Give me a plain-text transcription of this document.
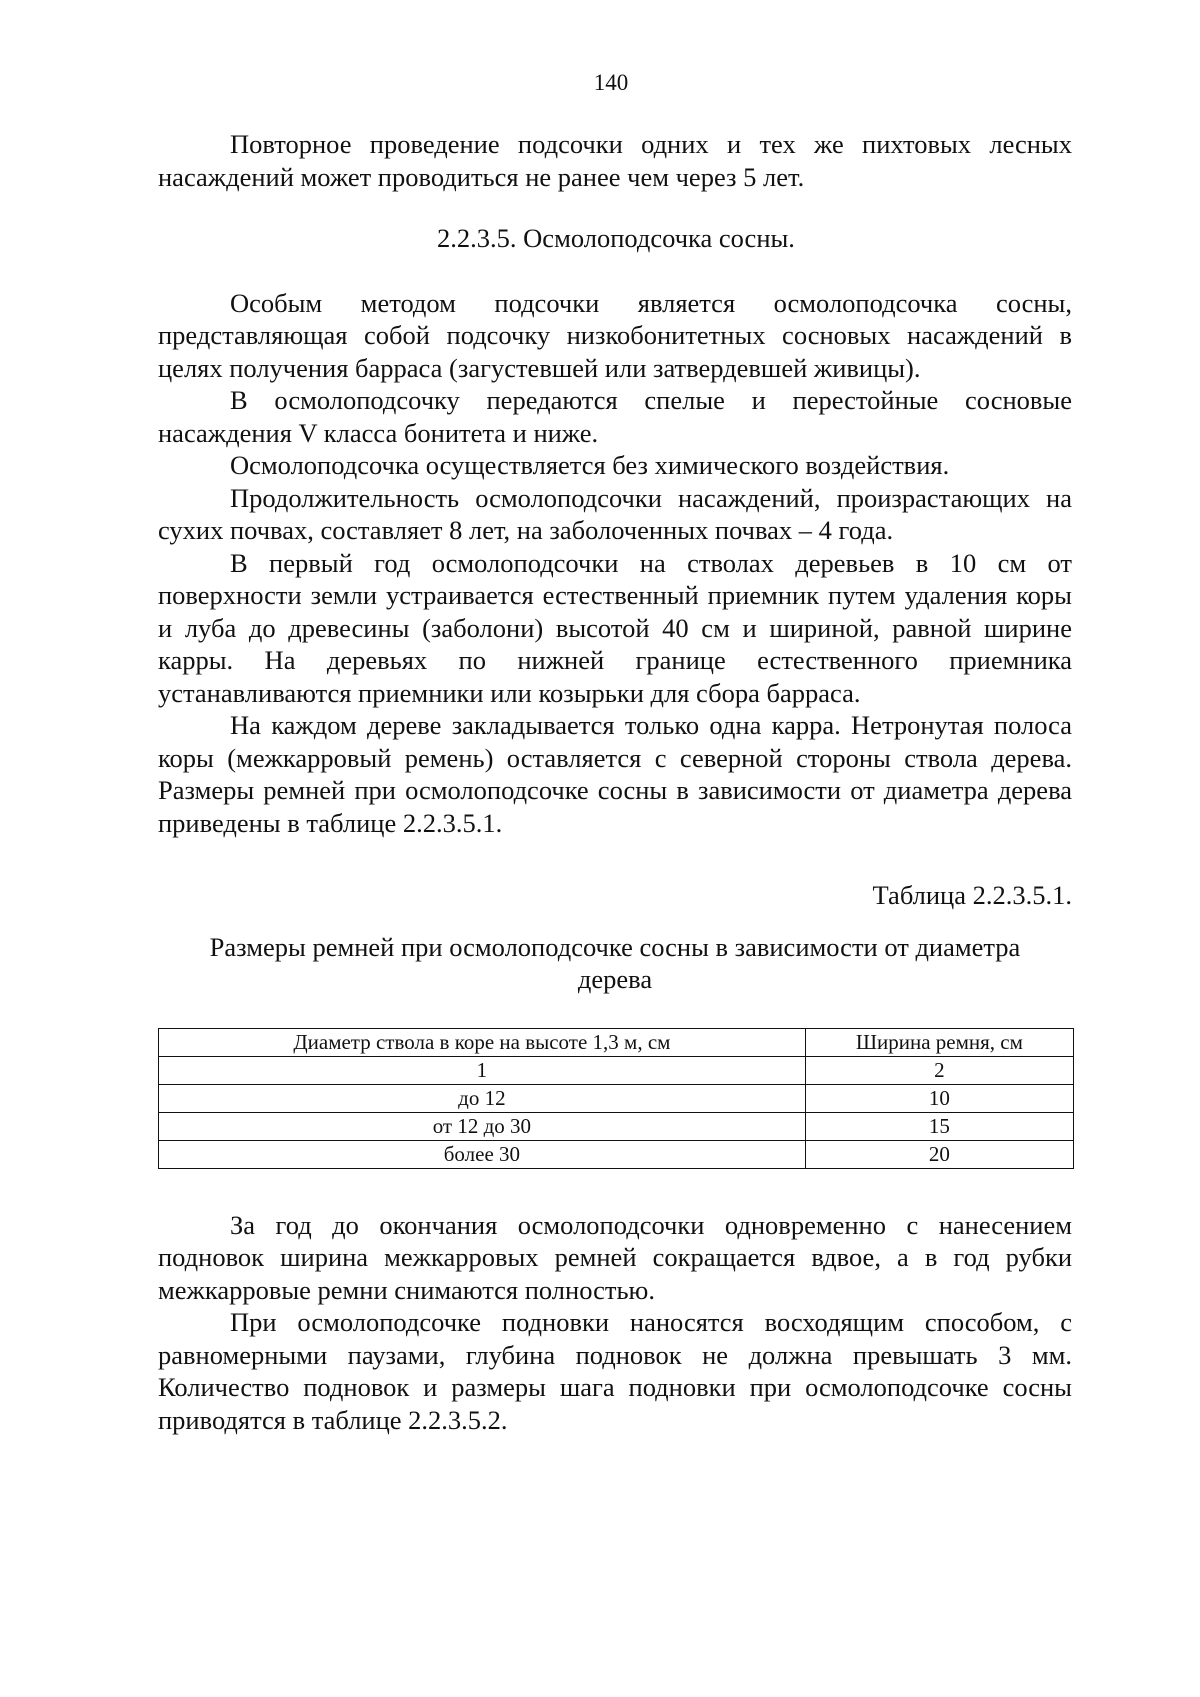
140

Повторное проведение подсочки одних и тех же пихтовых лесных насаждений может проводиться не ранее чем через 5 лет.

2.2.3.5. Осмолоподсочка сосны.

Особым методом подсочки является осмолоподсочка сосны, представляющая собой подсочку низкобонитетных сосновых насаждений в целях получения барраса (загустевшей или затвердевшей живицы).

В осмолоподсочку передаются спелые и перестойные сосновые насаждения V класса бонитета и ниже.

Осмолоподсочка осуществляется без химического воздействия.

Продолжительность осмолоподсочки насаждений, произрастающих на сухих почвах, составляет 8 лет, на заболоченных почвах – 4 года.

В первый год осмолоподсочки на стволах деревьев в 10 см от поверхности земли устраивается естественный приемник путем удаления коры и луба до древесины (заболони) высотой 40 см и шириной, равной ширине карры. На деревьях по нижней границе естественного приемника устанавливаются приемники или козырьки для сбора барраса.

На каждом дереве закладывается только одна карра. Нетронутая полоса коры (межкарровый ремень) оставляется с северной стороны ствола дерева. Размеры ремней при осмолоподсочке сосны в зависимости от диаметра дерева приведены в таблице 2.2.3.5.1.

Таблица 2.2.3.5.1.

Размеры ремней при осмолоподсочке сосны в зависимости от диаметра дерева

Диаметр ствола в коре на высоте 1,3 м, см	Ширина ремня, см
1	2
до 12	10
от 12 до 30	15
более 30	20

За год до окончания осмолоподсочки одновременно с нанесением подновок ширина межкарровых ремней сокращается вдвое, а в год рубки межкарровые ремни снимаются полностью.

При осмолоподсочке подновки наносятся восходящим способом, с равномерными паузами, глубина подновок не должна превышать 3 мм. Количество подновок и размеры шага подновки при осмолоподсочке сосны приводятся в таблице 2.2.3.5.2.
